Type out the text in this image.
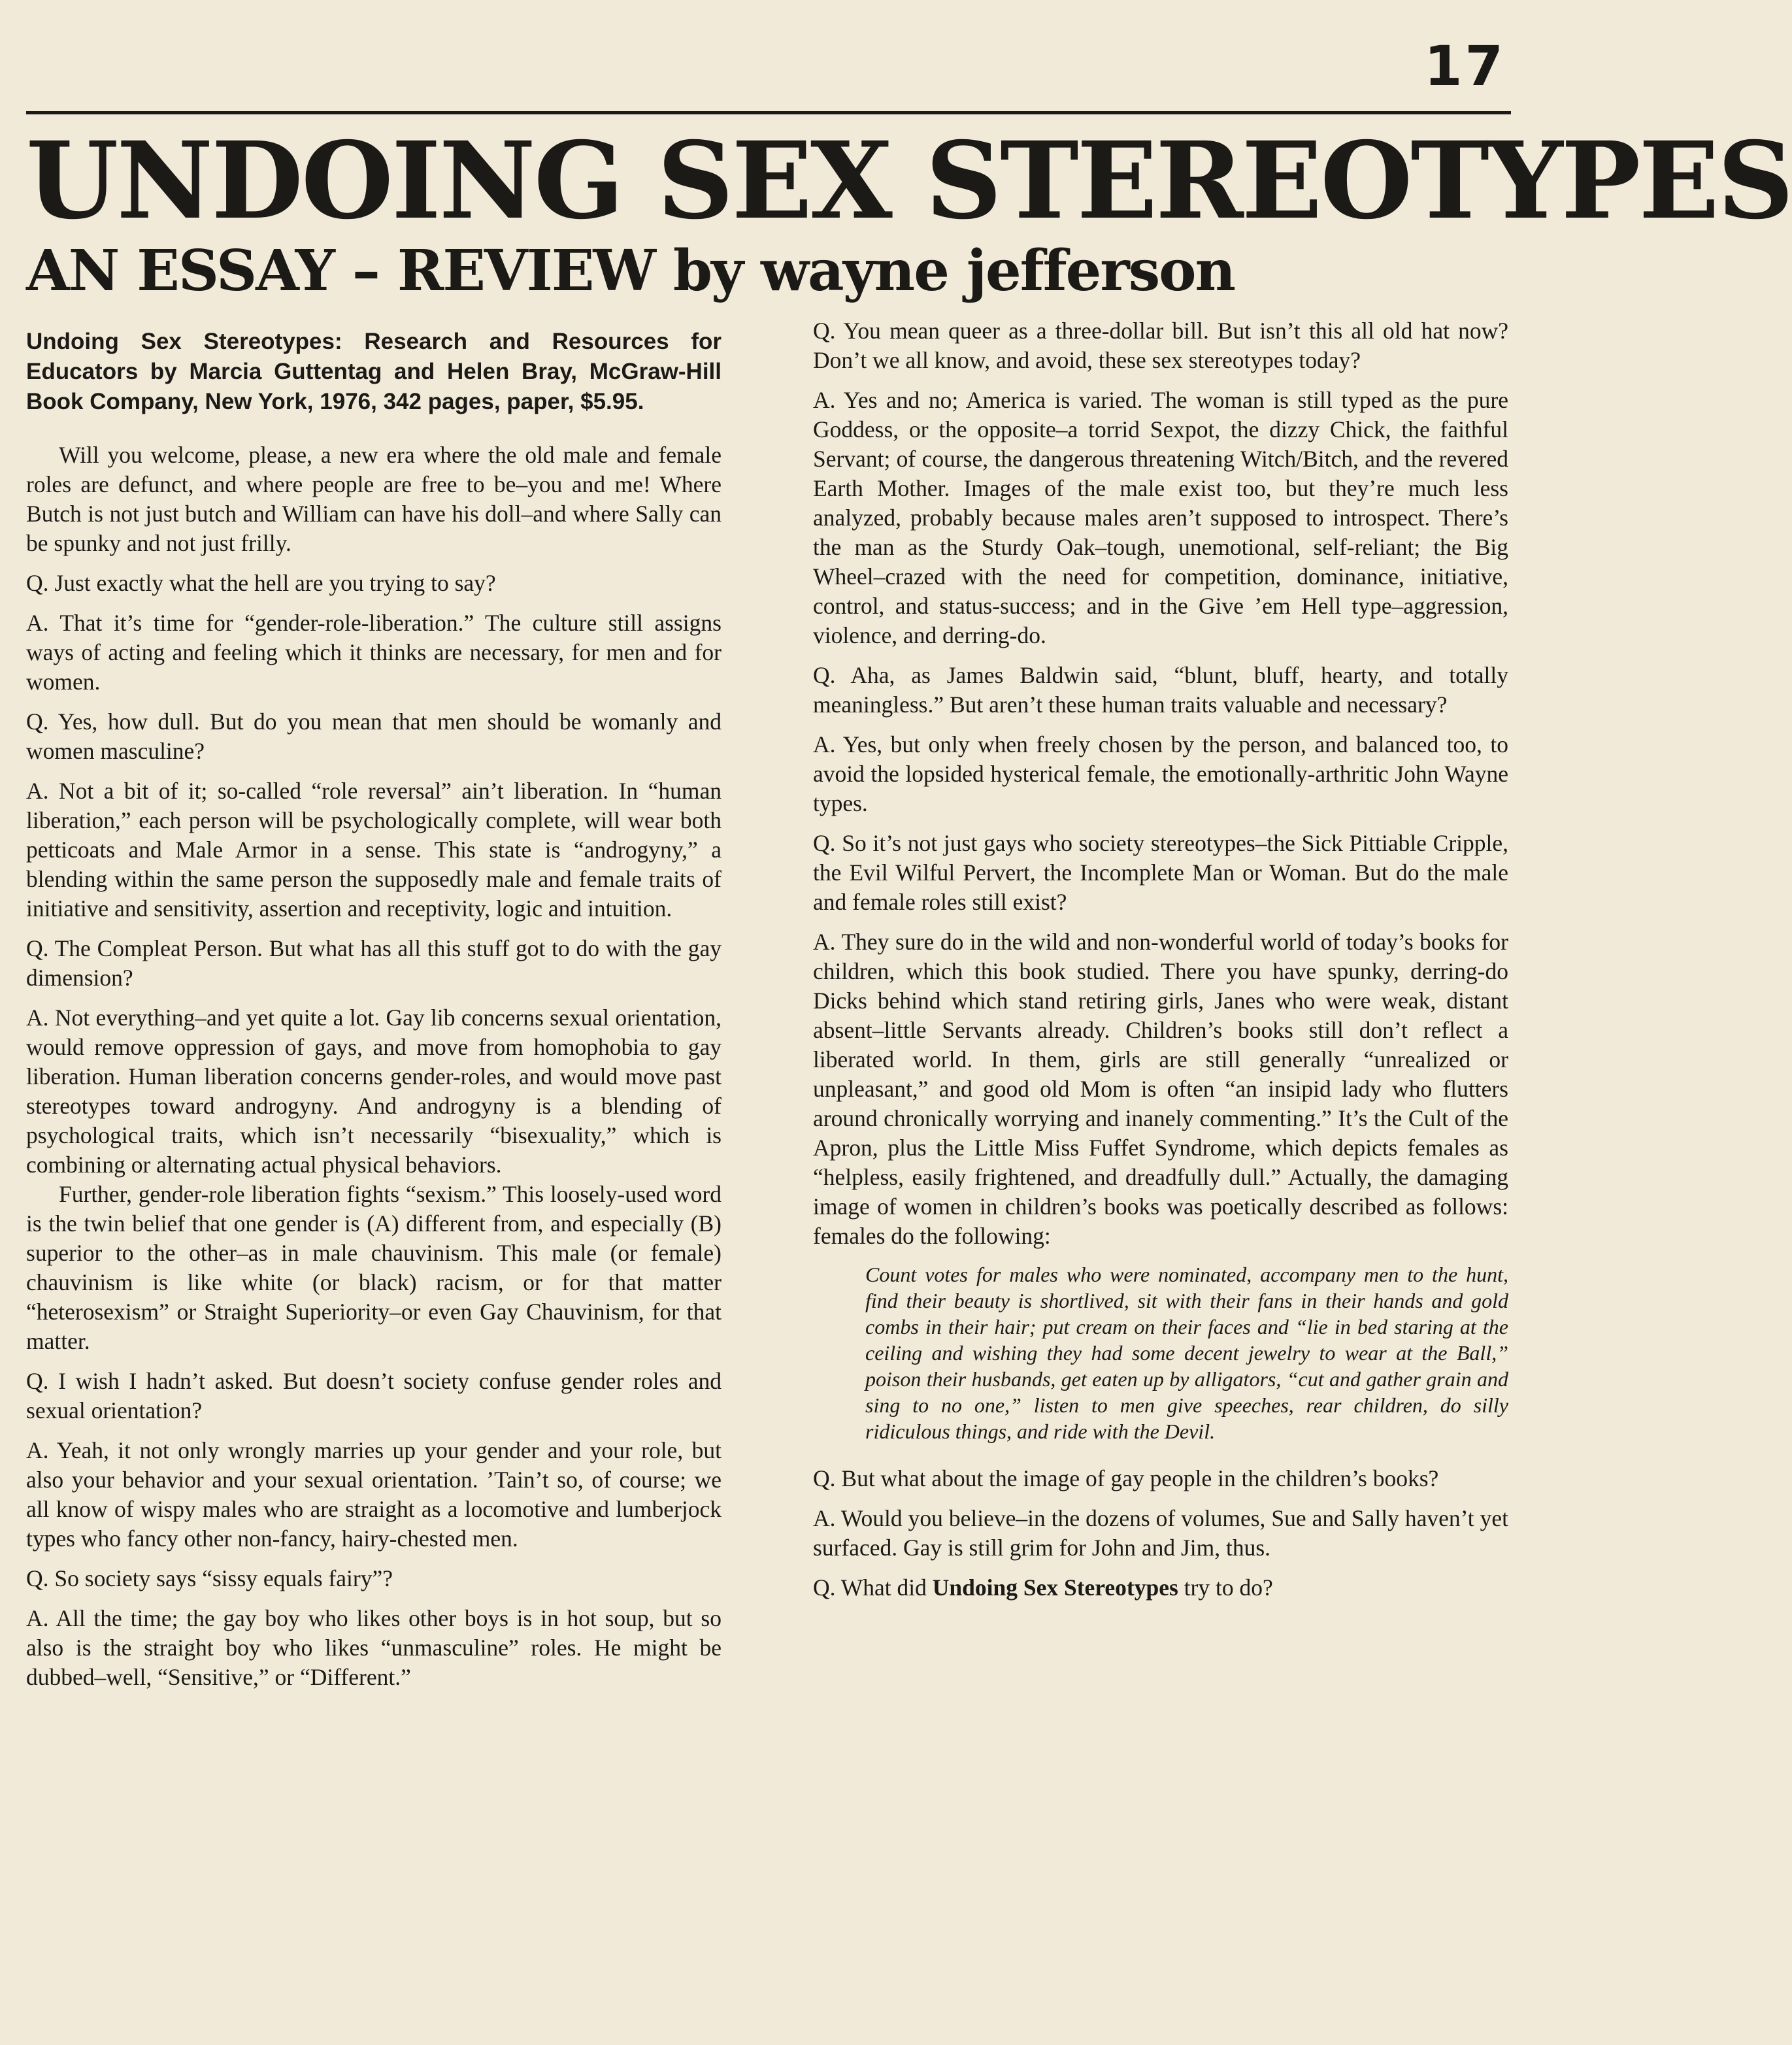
17
UNDOING SEX STEREOTYPES
AN ESSAY – REVIEW by wayne jefferson

Undoing Sex Stereotypes: Research and Resources for Educators by Marcia Guttentag and Helen Bray, McGraw-Hill Book Company, New York, 1976, 342 pages, paper, $5.95.

Will you welcome, please, a new era where the old male and female roles are defunct, and where people are free to be–you and me! Where Butch is not just butch and William can have his doll–and where Sally can be spunky and not just frilly.

Q. Just exactly what the hell are you trying to say?

A. That it’s time for “gender-role-liberation.” The culture still assigns ways of acting and feeling which it thinks are necessary, for men and for women.

Q. Yes, how dull. But do you mean that men should be womanly and women masculine?

A. Not a bit of it; so-called “role reversal” ain’t liberation. In “human liberation,” each person will be psychologically complete, will wear both petticoats and Male Armor in a sense. This state is “androgyny,” a blending within the same person the supposedly male and female traits of initiative and sensitivity, assertion and receptivity, logic and intuition.

Q. The Compleat Person. But what has all this stuff got to do with the gay dimension?

A. Not everything–and yet quite a lot. Gay lib concerns sexual orientation, would remove oppression of gays, and move from homophobia to gay liberation. Human liberation concerns gender-roles, and would move past stereotypes toward androgyny. And androgyny is a blending of psychological traits, which isn’t necessarily “bisexuality,” which is combining or alternating actual physical behaviors.

Further, gender-role liberation fights “sexism.” This loosely-used word is the twin belief that one gender is (A) different from, and especially (B) superior to the other–as in male chauvinism. This male (or female) chauvinism is like white (or black) racism, or for that matter “heterosexism” or Straight Superiority–or even Gay Chauvinism, for that matter.

Q. I wish I hadn’t asked. But doesn’t society confuse gender roles and sexual orientation?

A. Yeah, it not only wrongly marries up your gender and your role, but also your behavior and your sexual orientation. ’Tain’t so, of course; we all know of wispy males who are straight as a locomotive and lumberjock types who fancy other non-fancy, hairy-chested men.

Q. So society says “sissy equals fairy”?

A. All the time; the gay boy who likes other boys is in hot soup, but so also is the straight boy who likes “unmasculine” roles. He might be dubbed–well, “Sensitive,” or “Different.”

Q. You mean queer as a three-dollar bill. But isn’t this all old hat now? Don’t we all know, and avoid, these sex stereotypes today?

A. Yes and no; America is varied. The woman is still typed as the pure Goddess, or the opposite–a torrid Sexpot, the dizzy Chick, the faithful Servant; of course, the dangerous threatening Witch/Bitch, and the revered Earth Mother. Images of the male exist too, but they’re much less analyzed, probably because males aren’t supposed to introspect. There’s the man as the Sturdy Oak–tough, unemotional, self-reliant; the Big Wheel–crazed with the need for competition, dominance, initiative, control, and status-success; and in the Give ’em Hell type–aggression, violence, and derring-do.

Q. Aha, as James Baldwin said, “blunt, bluff, hearty, and totally meaningless.” But aren’t these human traits valuable and necessary?

A. Yes, but only when freely chosen by the person, and balanced too, to avoid the lopsided hysterical female, the emotionally-arthritic John Wayne types.

Q. So it’s not just gays who society stereotypes–the Sick Pittiable Cripple, the Evil Wilful Pervert, the Incomplete Man or Woman. But do the male and female roles still exist?

A. They sure do in the wild and non-wonderful world of today’s books for children, which this book studied. There you have spunky, derring-do Dicks behind which stand retiring girls, Janes who were weak, distant absent–little Servants already. Children’s books still don’t reflect a liberated world. In them, girls are still generally “unrealized or unpleasant,” and good old Mom is often “an insipid lady who flutters around chronically worrying and inanely commenting.” It’s the Cult of the Apron, plus the Little Miss Fuffet Syndrome, which depicts females as “helpless, easily frightened, and dreadfully dull.” Actually, the damaging image of women in children’s books was poetically described as follows: females do the following:

Count votes for males who were nominated, accompany men to the hunt, find their beauty is shortlived, sit with their fans in their hands and gold combs in their hair; put cream on their faces and “lie in bed staring at the ceiling and wishing they had some decent jewelry to wear at the Ball,” poison their husbands, get eaten up by alligators, “cut and gather grain and sing to no one,” listen to men give speeches, rear children, do silly ridiculous things, and ride with the Devil.

Q. But what about the image of gay people in the children’s books?

A. Would you believe–in the dozens of volumes, Sue and Sally haven’t yet surfaced. Gay is still grim for John and Jim, thus.

Q. What did Undoing Sex Stereotypes try to do?
